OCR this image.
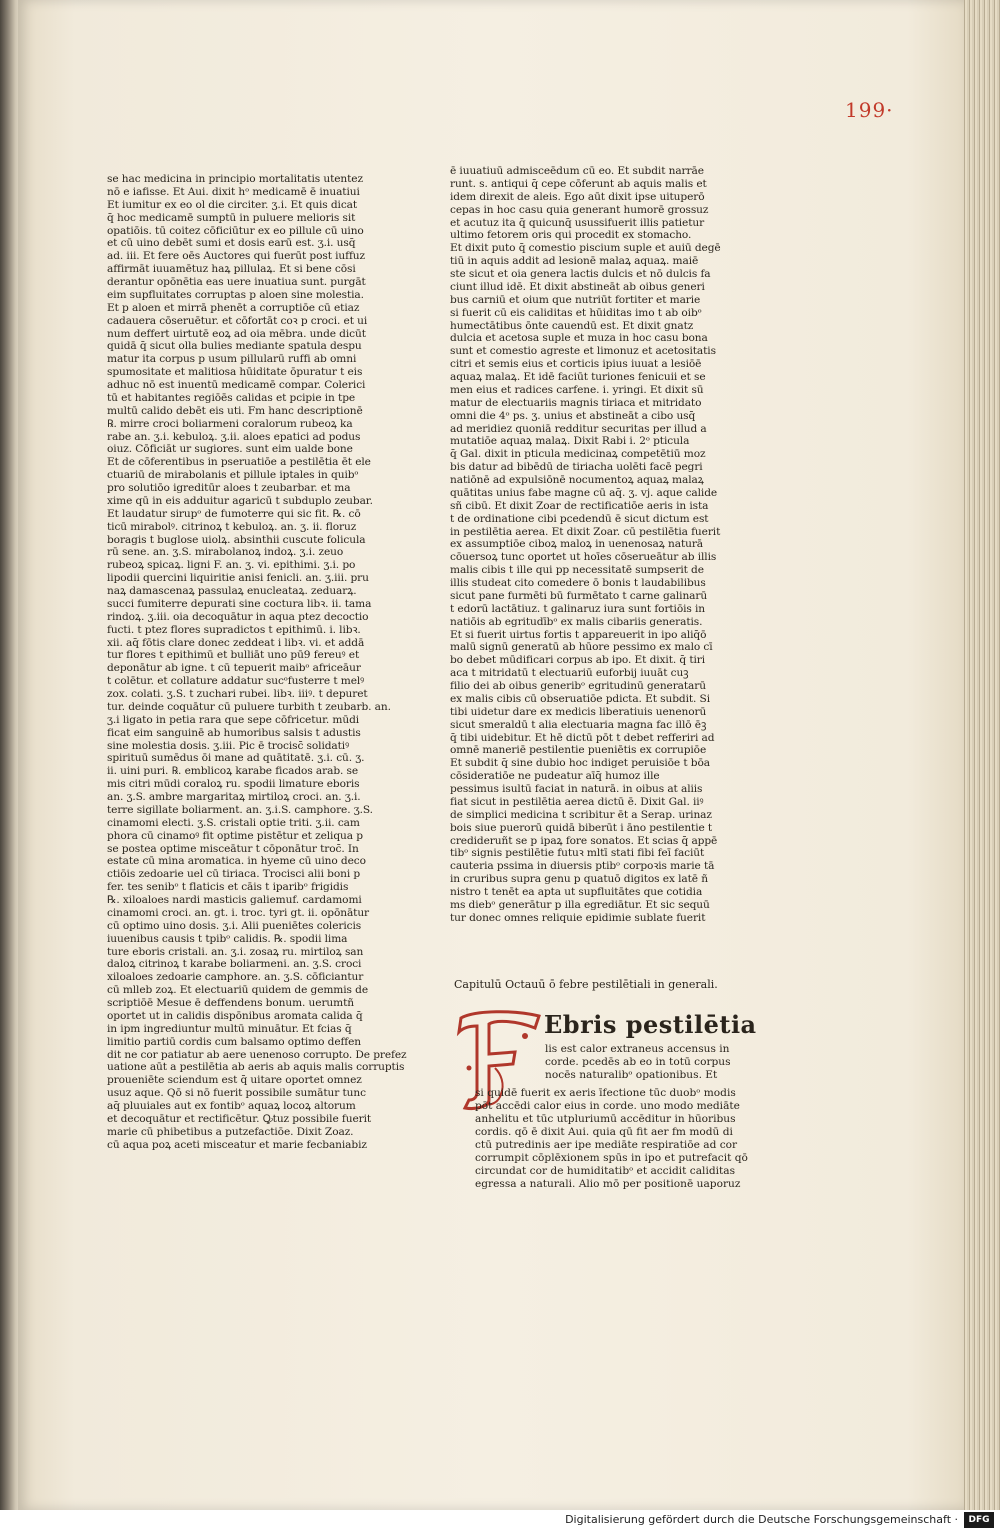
199·
se hac medicina in principio mortalitatis utentez
nō e iafisse. Et Aui. dixit hᵒ medicamē ē inuatiui
Et iumitur ex eo ol die circiter. ʒ.i. Et quis dicat
q̄ hoc medicamē sumptū in puluere melioris sit
opatiōis. tū coitez cōficiūtur ex eo pillule cū uino
et cū uino debēt sumi et dosis earū est. ʒ.i. usq̄
ad. iii. Et fere oēs Auctores qui fuerūt post iuffuz
affirmāt iuuamētuz haꝝ pillulaꝝ. Et si bene cōsi
derantur opōnētia eas uere inuatiua sunt. purgāt
eim supfluitates corruptas p aloen sine molestia.
Et p aloen et mirrā phenēt a corruptiōe cū etiaz
cadauera cōseruētur. et cōfortāt coꝛ p croci. et ui
num deffert uirtutē eoꝝ ad oia mēbra. unde dicūt
quidā q̄ sicut olla bulies mediante spatula despu
matur ita corpus p usum pillularū ruffi ab omni
spumositate et malitiosa hūiditate ōpuratur t eis
adhuc nō est inuentū medicamē compar. Colerici
tū et habitantes regiōēs calidas et pcipie in tpe
multū calido debēt eis uti. Fm hanc descriptionē
℞. mirre croci boliarmeni coralorum rubeoꝝ ka
rabe an. ʒ.i. kebuloꝝ. ʒ.ii. aloes epatici ad podus
oiuz. Cōficiāt ur sugiores. sunt eim ualde bone
Et de cōferentibus in pseruatiōe a pestilētia ēt ele
ctuariū de mirabolanis et pillule iptales in quibᵒ
pro solutiōo igreditūr aloes t zeubarbar. et ma
xime qū in eis adduitur agaricū t subduplo zeubar.
Et laudatur sirupᵒ de fumoterre qui sic fit. ℞. cō
ticū mirabolꝰ. citrinoꝝ t kebuloꝝ. an. ʒ. ii. floruz
boragis t buglose uiolꝝ. absinthii cuscute folicula
rū sene. an. ʒ.S. mirabolanoꝝ indoꝝ. ʒ.i. zeuo
rubeoꝝ spicaꝝ. ligni F. an. ʒ. vi. epithimi. ʒ.i. po
lipodii quercini liquiritie anisi fenicli. an. ʒ.iii. pru
naꝝ damascenaꝝ passulaꝝ enucleataꝝ. zeduarꝝ.
succi fumiterre depurati sine coctura libꝛ. ii. tama
rindoꝝ. ʒ.iii. oia decoquātur in aqua ptez decoctio
fucti. t ptez flores supradictos t epithimū. i. libꝛ.
xii. aq̄ fōtis clare donec zeddeat i libꝛ. vi. et addā
tur flores t epithimū et bulliāt uno pū9 fereuꝰ et
deponātur ab igne. t cū tepuerit maibᵒ africeāur
t colētur. et collature addatur sucᵒfusterre t melꝰ
zox. colati. ʒ.S. t zuchari rubei. libꝛ. iiiꝰ. t depuret
tur. deinde coquātur cū puluere turbith t zeubarb. an.
ʒ.i ligato in petia rara que sepe cōfricetur. mūdi
ficat eim sanguinē ab humoribus salsis t adustis
sine molestia dosis. ʒ.iii. Pic ē trocisc̄ solidatiꝰ
spirituū sumēdus ōi mane ad quātitatē. ʒ.i. cū. ʒ.
ii. uini puri. ℞. emblicoꝝ karabe ficados arab. se
mis citri mūdi coraloꝝ ru. spodii limature eboris
an. ʒ.S. ambre margaritaꝝ mirtiloꝝ croci. an. ʒ.i.
terre sigillate boliarment. an. ʒ.i.S. camphore. ʒ.S.
cinamomi electi. ʒ.S. cristali optie triti. ʒ.ii. cam
phora cū cinamoꝰ fit optime pistētur et zeliqua p
se postea optime misceātur t cōponātur troc̄. In
estate cū mina aromatica. in hyeme cū uino deco
ctiōis zedoarie uel cū tiriaca. Trocisci alii boni p
fer. tes senibᵒ t flaticis et cāis t iparibᵒ frigidis
℞. xiloaloes nardi masticis galiemuf. cardamomi
cinamomi croci. an. gt. i. troc. tyri gt. ii. opōnātur
cū optimo uino dosis. ʒ.i. Alii pueniētes colericis
iuuenibus causis t tpibᵒ calidis. ℞. spodii lima
ture eboris cristali. an. ʒ.i. zosaꝝ ru. mirtiloꝝ san
daloꝝ citrinoꝝ t karabe boliarmeni. an. ʒ.S. croci
xiloaloes zedoarie camphore. an. ʒ.S. cōficiantur
cū mlleb zoꝝ. Et electuariū quidem de gemmis de
scriptiōē Mesue ē deffendens bonum. uerumtñ
oportet ut in calidis dispōnibus aromata calida q̄
in ipm ingrediuntur multū minuātur. Et fcias q̄
limitio partiū cordis cum balsamo optimo deffen
dit ne cor patiatur ab aere uenenoso corrupto. De prefez
uatione aūt a pestilētia ab aeris ab aquis malis corruptis
proueniēte sciendum est q̄ uitare oportet omnez
usuz aque. Qō si nō fuerit possibile sumātur tunc
aq̄ pluuiales aut ex fontibᵒ aquaꝝ locoꝝ altorum
et decoquātur et rectificētur. Ꝙtuz possibile fuerit
marie cū phibetibus a putzefactiōe. Dixit Zoaz.
cū aqua poꝝ aceti misceatur et marie fecbaniabiz
ē iuuatiuū admisceēdum cū eo. Et subdit narrāe
runt. s. antiqui q̄ cepe cōferunt ab aquis malis et
idem direxit de aleis. Ego aūt dixit ipse uituperō
cepas in hoc casu quia generant humorē grossuz
et acutuz ita q̄ quicunq̄ usussifuerit illis patietur
ultimo fetorem oris qui procedit ex stomacho.
Et dixit puto q̄ comestio piscium suple et auiū degē
tiū in aquis addit ad lesionē malaꝝ aquaꝝ. maiē
ste sicut et oia genera lactis dulcis et nō dulcis fa
ciunt illud idē. Et dixit abstineāt ab oibus generi
bus carniū et oium que nutriūt fortiter et marie
si fuerit cū eis caliditas et hūiditas imo t ab oibᵒ
humectātibus ōnte cauendū est. Et dixit gnatz
dulcia et acetosa suple et muza in hoc casu bona
sunt et comestio agreste et limonuz et acetositatis
citri et semis eius et corticis ipius iuuat a lesiōē
aquaꝝ malaꝝ. Et idē faciūt turiones fenicuii et se
men eius et radices carfene. i. yringi. Et dixit sū
matur de electuariis magnis tiriaca et mitridato
omni die 4ᵒ ps. ʒ. unius et abstineāt a cibo usq̄
ad meridiez quoniā redditur securitas per illud a
mutatiōe aquaꝝ malaꝝ. Dixit Rabi i. 2ᵒ pticula
q̄ Gal. dixit in pticula medicinaꝝ competētiū moz
bis datur ad bibēdū de tiriacha uolēti facē pegri
natiōnē ad expulsiōnē nocumentoꝝ aquaꝝ malaꝝ
quātitas unius fabe magne cū aq̄. ʒ. vj. aque calide
sñ cibū. Et dixit Zoar de rectificatiōe aeris in ista
t de ordinatione cibi pcedendū ē sicut dictum est
in pestilētia aerea. Et dixit Zoar. cū pestilētia fuerit
ex assumptiōe ciboꝝ maloꝝ in uenenosaꝝ naturā
cōuersoꝝ tunc oportet ut hoīes cōserueātur ab illis
malis cibis t ille qui pp necessitatē sumpserit de
illis studeat cito comedere ō bonis t laudabilibus
sicut pane furmēti bū furmētato t carne galinarū
t edorū lactātiuz. t galinaruz iura sunt fortiōis in
natiōis ab egritudībᵒ ex malis cibariis generatis.
Et si fuerit uirtus fortis t appareuerit in ipo aliq̄ō
malū signū generatū ab hūore pessimo ex malo cī
bo debet mūdificari corpus ab ipo. Et dixit. q̄ tiri
aca t mitridatū t electuariū euforbij iuuāt cuꝫ
filio dei ab oibus generibᵒ egritudinū generatarū
ex malis cibis cū obseruatiōe pdicta. Et subdit. Si
tibi uidetur dare ex medicis liberatiuis uenenorū
sicut smeraldū t alia electuaria magna fac illō ēꝫ
q̄ tibi uidebitur. Et hē dictū pōt t debet refferiri ad
omnē maneriē pestilentie pueniētis ex corrupiōe
Et subdit q̄ sine dubio hoc indiget peruisiōe t bōa
cōsideratiōe ne pudeatur aīq̄ humoz ille
pessimus isultū faciat in naturā. in oibus at aliis
fiat sicut in pestilētia aerea dictū ē. Dixit Gal. iiꝰ
de simplici medicina t scribitur ēt a Serap. urinaz
bois siue puerorū quidā biberūt i āno pestilentie t
credideruñt se p ipaꝝ fore sonatos. Et scias q̄ appē
tibᵒ signis pestilētie futuꝛ mltī stati fibi feī faciūt
cauteria pssima in diuersis ptibᵒ corpoꝛis marie tā
in cruribus supra genu p quatuō digitos ex latē ñ
nistro t tenēt ea apta ut supfluitātes que cotidia
ms diebᵒ generātur p illa egrediātur. Et sic sequū
tur donec omnes reliquie epidimie sublate fuerit
Capitulū Octauū ō febre pestilētiali in generali.
Ebris pestilētia
lis est calor extraneus accensus in
corde. pcedēs ab eo in totū corpus
nocēs naturalibᵒ opationibus. Et
si quidē fuerit ex aeris īfectione tūc duobᵒ modis
pōt accēdi calor eius in corde. uno modo mediāte
anhelitu et tūc utpluriumū accēditur in hūoribus
cordis. qō ē dixit Aui. quia qū fit aer fm modū di
ctū putredinis aer ipe mediāte respiratiōe ad cor
corrumpit cōplēxionem spūs in ipo et putrefacit qō
circundat cor de humiditatibᵒ et accidit caliditas
egressa a naturali. Alio mō per positionē uaporuz
Digitalisierung gefördert durch die Deutsche Forschungsgemeinschaft ·	DFG
